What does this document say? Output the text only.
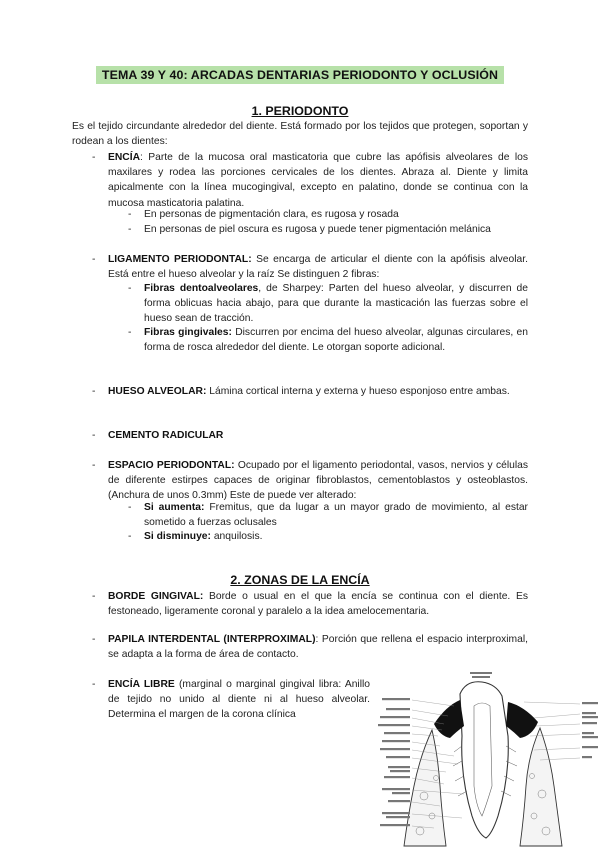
TEMA 39 Y 40: ARCADAS DENTARIAS PERIODONTO Y OCLUSIÓN
1. PERIODONTO
Es el tejido circundante alrededor del diente. Está formado por los tejidos que protegen, soportan y rodean a los dientes:
- ENCÍA: Parte de la mucosa oral masticatoria que cubre las apófisis alveolares de los maxilares y rodea las porciones cervicales de los dientes. Abraza al. Diente y limita apicalmente con la línea mucogingival, excepto en palatino, donde se continua con la mucosa masticatoria palatina.
- En personas de pigmentación clara, es rugosa y rosada
- En personas de piel oscura es rugosa y puede tener pigmentación melánica
- LIGAMENTO PERIODONTAL: Se encarga de articular el diente con la apófisis alveolar. Está entre el hueso alveolar y la raíz Se distinguen 2 fibras:
- Fibras dentoalveolares, de Sharpey: Parten del hueso alveolar, y discurren de forma oblicuas hacia abajo, para que durante la masticación las fuerzas sobre el hueso sean de tracción.
- Fibras gingivales: Discurren por encima del hueso alveolar, algunas circulares, en forma de rosca alrededor del diente. Le otorgan soporte adicional.
- HUESO ALVEOLAR: Lámina cortical interna y externa y hueso esponjoso entre ambas.
- CEMENTO RADICULAR
- ESPACIO PERIODONTAL: Ocupado por el ligamento periodontal, vasos, nervios y células de diferente estirpes capaces de originar fibroblastos, cementoblastos y osteoblastos. (Anchura de unos 0.3mm) Este de puede ver alterado:
- Si aumenta: Fremitus, que da lugar a un mayor grado de movimiento, al estar sometido a fuerzas oclusales
- Si disminuye: anquilosis.
2. ZONAS DE LA ENCÍA
- BORDE GINGIVAL: Borde o usual en el que la encía se continua con el diente. Es festoneado, ligeramente coronal y paralelo a la idea amelocementaria.
- PAPILA INTERDENTAL (INTERPROXIMAL): Porción que rellena el espacio interproximal, se adapta a la forma de área de contacto.
- ENCÍA LIBRE (marginal o marginal gingival libra: Anillo de tejido no unido al diente ni al hueso alveolar. Determina el margen de la corona clínica
